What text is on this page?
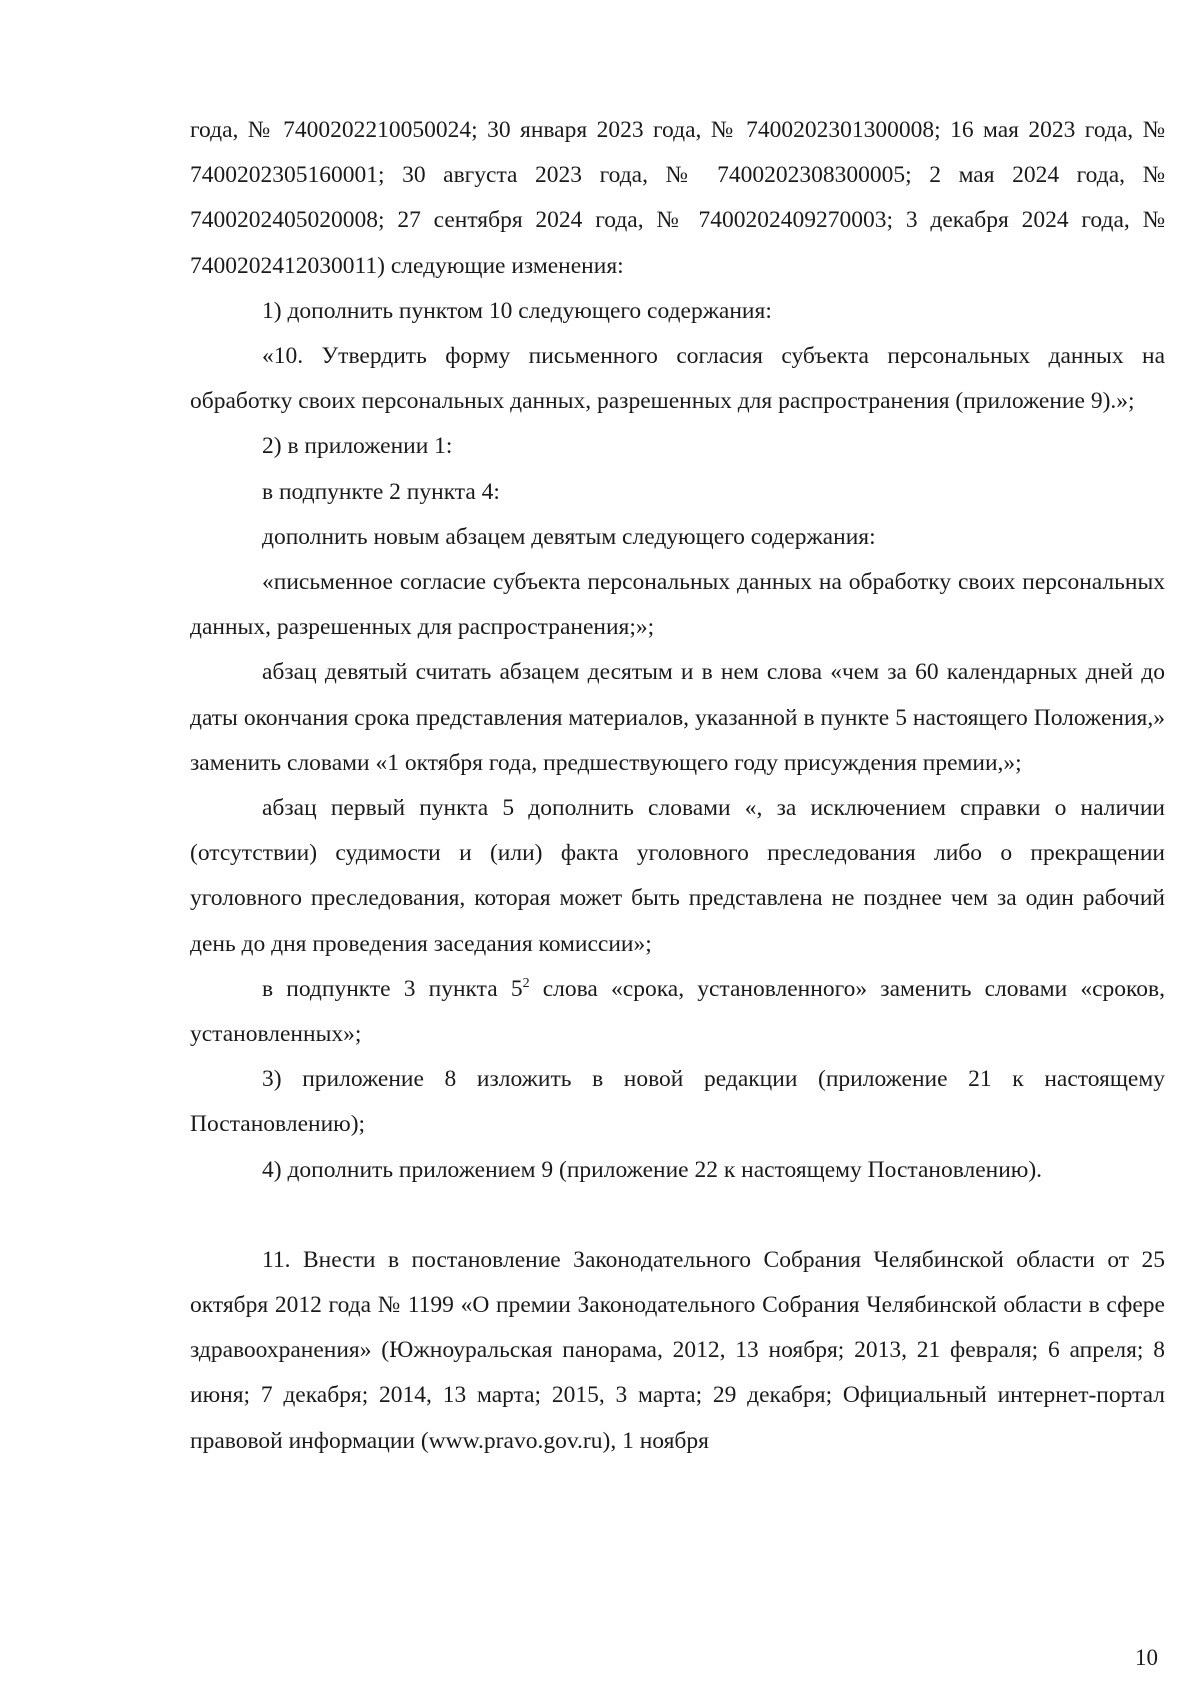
года, № 7400202210050024; 30 января 2023 года, № 7400202301300008; 16 мая 2023 года, № 7400202305160001; 30 августа 2023 года, № 7400202308300005; 2 мая 2024 года, № 7400202405020008; 27 сентября 2024 года, № 7400202409270003; 3 декабря 2024 года, № 7400202412030011) следующие изменения:

1) дополнить пунктом 10 следующего содержания:

«10. Утвердить форму письменного согласия субъекта персональных данных на обработку своих персональных данных, разрешенных для распространения (приложение 9).»;

2) в приложении 1:

в подпункте 2 пункта 4:

дополнить новым абзацем девятым следующего содержания:

«письменное согласие субъекта персональных данных на обработку своих персональных данных, разрешенных для распространения;»;

абзац девятый считать абзацем десятым и в нем слова «чем за 60 календарных дней до даты окончания срока представления материалов, указанной в пункте 5 настоящего Положения,» заменить словами «1 октября года, предшествующего году присуждения премии,»;

абзац первый пункта 5 дополнить словами «, за исключением справки о наличии (отсутствии) судимости и (или) факта уголовного преследования либо о прекращении уголовного преследования, которая может быть представлена не позднее чем за один рабочий день до дня проведения заседания комиссии»;

в подпункте 3 пункта $5^2$ слова «срока, установленного» заменить словами «сроков, установленных»;

3) приложение 8 изложить в новой редакции (приложение 21 к настоящему Постановлению);

4) дополнить приложением 9 (приложение 22 к настоящему Постановлению).

11. Внести в постановление Законодательного Собрания Челябинской области от 25 октября 2012 года № 1199 «О премии Законодательного Собрания Челябинской области в сфере здравоохранения» (Южноуральская панорама, 2012, 13 ноября; 2013, 21 февраля; 6 апреля; 8 июня; 7 декабря; 2014, 13 марта; 2015, 3 марта; 29 декабря; Официальный интернет-портал правовой информации (www.pravo.gov.ru), 1 ноября

10
